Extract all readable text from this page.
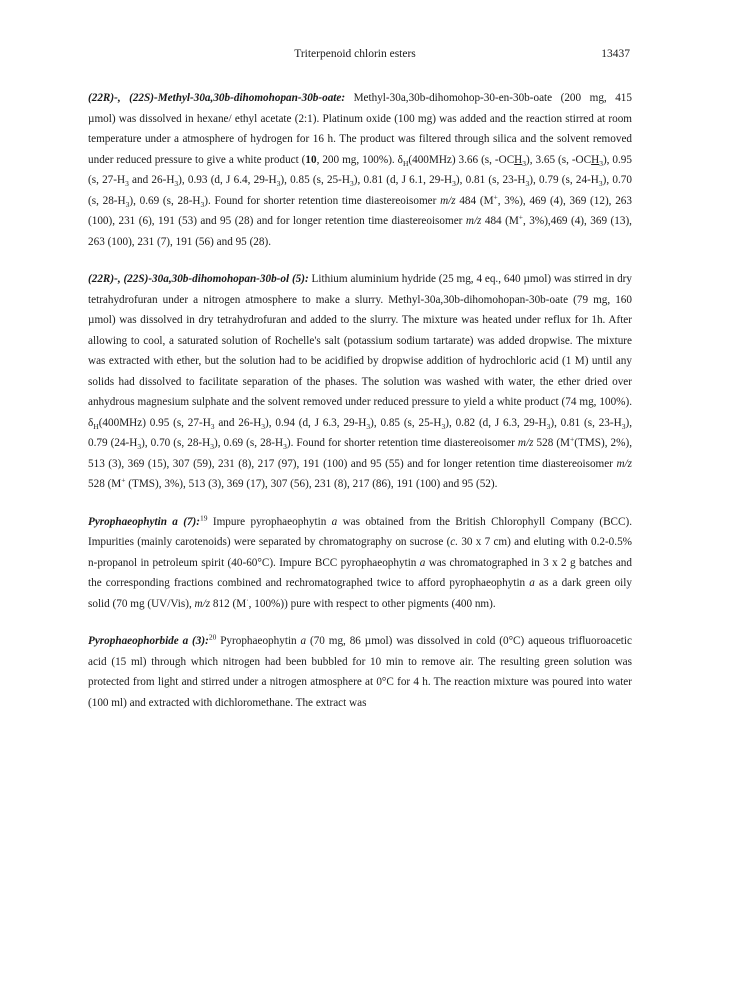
Triterpenoid chlorin esters	13437

(22R)-, (22S)-Methyl-30a,30b-dihomohopan-30b-oate: Methyl-30a,30b-dihomohop-30-en-30b-oate (200 mg, 415 µmol) was dissolved in hexane/ ethyl acetate (2:1). Platinum oxide (100 mg) was added and the reaction stirred at room temperature under a atmosphere of hydrogen for 16 h. The product was filtered through silica and the solvent removed under reduced pressure to give a white product (10, 200 mg, 100%). $\delta_H(400MHz)$ 3.66 (s, $-OCH_3$), 3.65 (s, $-OCH_3$), 0.95 (s, $27-H_3$ and $26-H_3$), 0.93 (d, J 6.4, $29-H_3$), 0.85 (s, $25-H_3$), 0.81 (d, J 6.1, $29-H_3$), 0.81 (s, $23-H_3$), 0.79 (s, $24-H_3$), 0.70 (s, $28-H_3$), 0.69 (s, $28-H_3$). Found for shorter retention time diastereoisomer m/z 484 (M+, 3%), 469 (4), 369 (12), 263 (100), 231 (6), 191 (53) and 95 (28) and for longer retention time diastereoisomer m/z 484 (M+, 3%),469 (4), 369 (13), 263 (100), 231 (7), 191 (56) and 95 (28).

(22R)-, (22S)-30a,30b-dihomohopan-30b-ol (5): Lithium aluminium hydride (25 mg, 4 eq., 640 µmol) was stirred in dry tetrahydrofuran under a nitrogen atmosphere to make a slurry. Methyl-30a,30b-dihomohopan-30b-oate (79 mg, 160 µmol) was dissolved in dry tetrahydrofuran and added to the slurry. The mixture was heated under reflux for 1h. After allowing to cool, a saturated solution of Rochelle's salt (potassium sodium tartarate) was added dropwise. The mixture was extracted with ether, but the solution had to be acidified by dropwise addition of hydrochloric acid (1 M) until any solids had dissolved to facilitate separation of the phases. The solution was washed with water, the ether dried over anhydrous magnesium sulphate and the solvent removed under reduced pressure to yield a white product (74 mg, 100%). $\delta_H(400MHz)$ 0.95 (s, $27-H_3$ and $26-H_3$), 0.94 (d, J 6.3, $29-H_3$), 0.85 (s, $25-H_3$), 0.82 (d, J 6.3, $29-H_3$), 0.81 (s, $23-H_3$), 0.79 $(24-H_3)$, 0.70 (s, $28-H_3$), 0.69 (s, $28-H_3$). Found for shorter retention time diastereoisomer m/z 528 (M+(TMS), 2%), 513 (3), 369 (15), 307 (59), 231 (8), 217 (97), 191 (100) and 95 (55) and for longer retention time diastereoisomer m/z 528 (M+ (TMS), 3%), 513 (3), 369 (17), 307 (56), 231 (8), 217 (86), 191 (100) and 95 (52).

Pyrophaeophytin a (7):$^{19}$ Impure pyrophaeophytin a was obtained from the British Chlorophyll Company (BCC). Impurities (mainly carotenoids) were separated by chromatography on sucrose (c. 30 x 7 cm) and eluting with 0.2-0.5% n-propanol in petroleum spirit (40-60°C). Impure BCC pyrophaeophytin a was chromatographed in 3 x 2 g batches and the corresponding fractions combined and rechromatographed twice to afford pyrophaeophytin a as a dark green oily solid (70 mg (UV/Vis), m/z 812 (M·, 100%)) pure with respect to other pigments (400 nm).

Pyrophaeophorbide a (3):$^{20}$ Pyrophaeophytin a (70 mg, 86 µmol) was dissolved in cold (0°C) aqueous trifluoroacetic acid (15 ml) through which nitrogen had been bubbled for 10 min to remove air. The resulting green solution was protected from light and stirred under a nitrogen atmosphere at 0°C for 4 h. The reaction mixture was poured into water (100 ml) and extracted with dichloromethane. The extract was
